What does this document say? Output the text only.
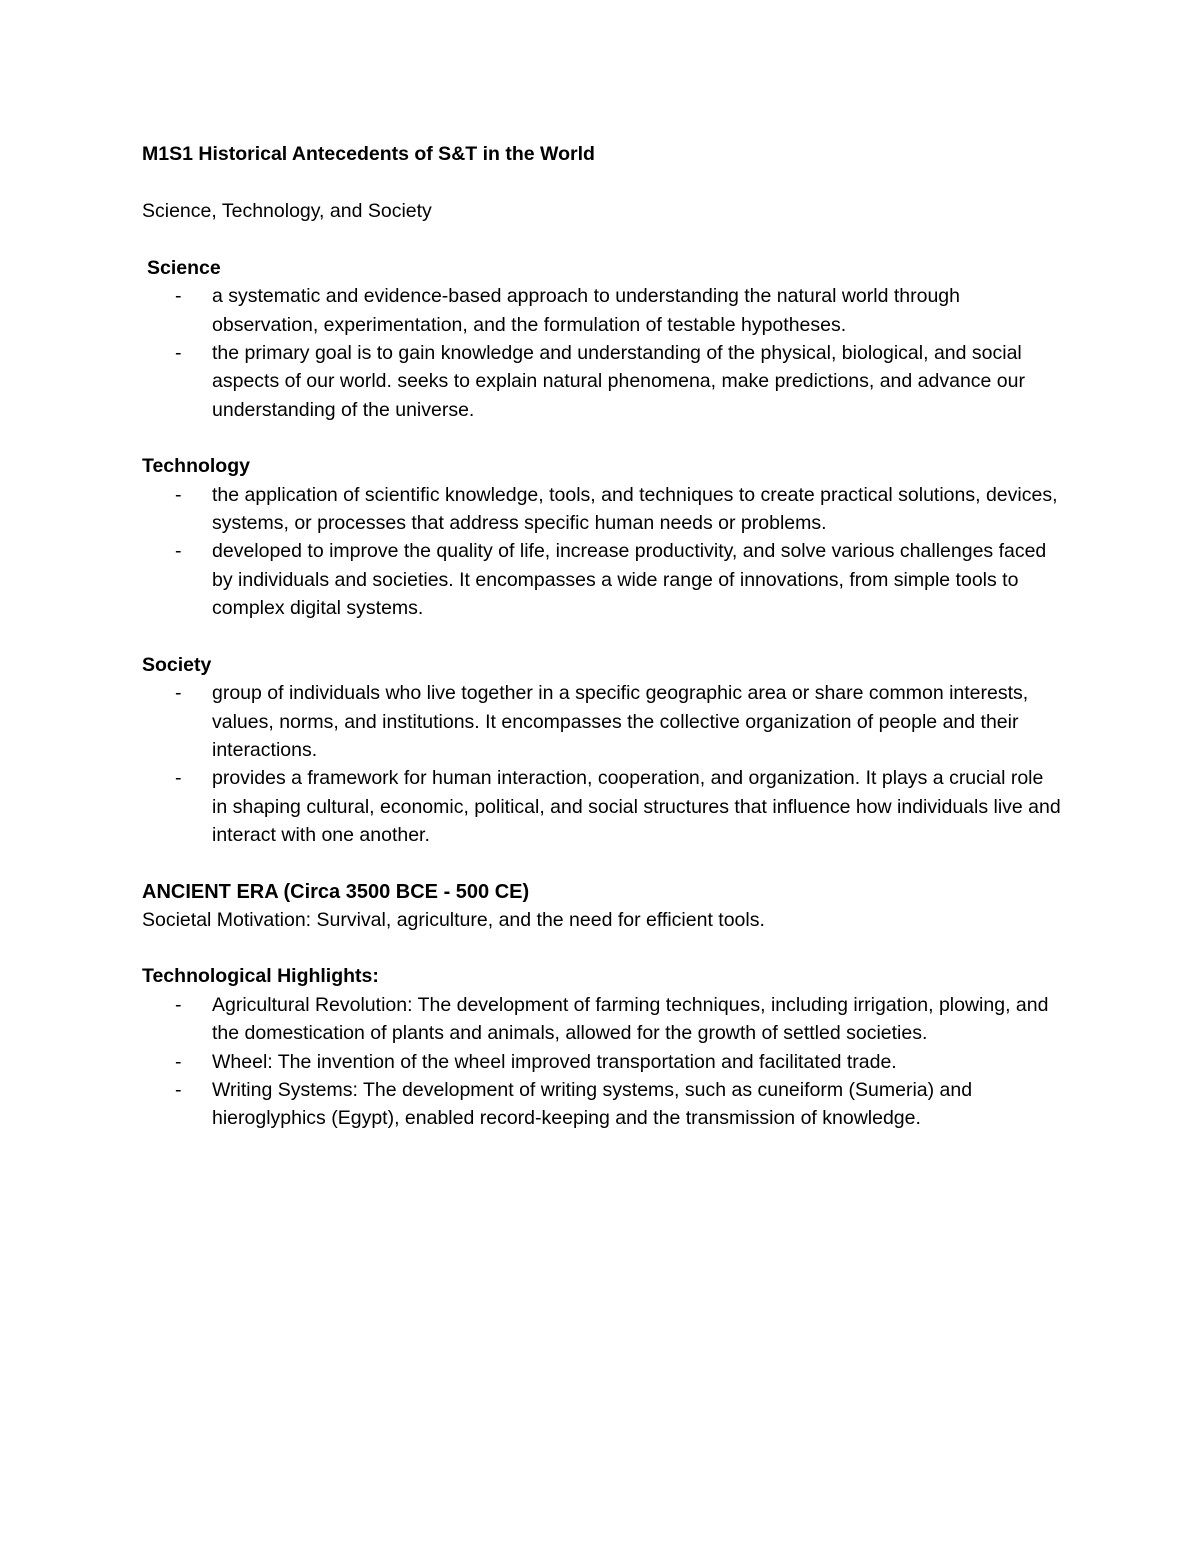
M1S1 Historical Antecedents of S&T in the World

Science, Technology, and Society

Science

- a systematic and evidence-based approach to understanding the natural world through observation, experimentation, and the formulation of testable hypotheses.
- the primary goal is to gain knowledge and understanding of the physical, biological, and social aspects of our world. seeks to explain natural phenomena, make predictions, and advance our understanding of the universe.

Technology

- the application of scientific knowledge, tools, and techniques to create practical solutions, devices, systems, or processes that address specific human needs or problems.
- developed to improve the quality of life, increase productivity, and solve various challenges faced by individuals and societies. It encompasses a wide range of innovations, from simple tools to complex digital systems.

Society

- group of individuals who live together in a specific geographic area or share common interests, values, norms, and institutions. It encompasses the collective organization of people and their interactions.
- provides a framework for human interaction, cooperation, and organization. It plays a crucial role in shaping cultural, economic, political, and social structures that influence how individuals live and interact with one another.

ANCIENT ERA (Circa 3500 BCE - 500 CE)

Societal Motivation: Survival, agriculture, and the need for efficient tools.

Technological Highlights:

- Agricultural Revolution: The development of farming techniques, including irrigation, plowing, and the domestication of plants and animals, allowed for the growth of settled societies.
- Wheel: The invention of the wheel improved transportation and facilitated trade.
- Writing Systems: The development of writing systems, such as cuneiform (Sumeria) and hieroglyphics (Egypt), enabled record-keeping and the transmission of knowledge.
